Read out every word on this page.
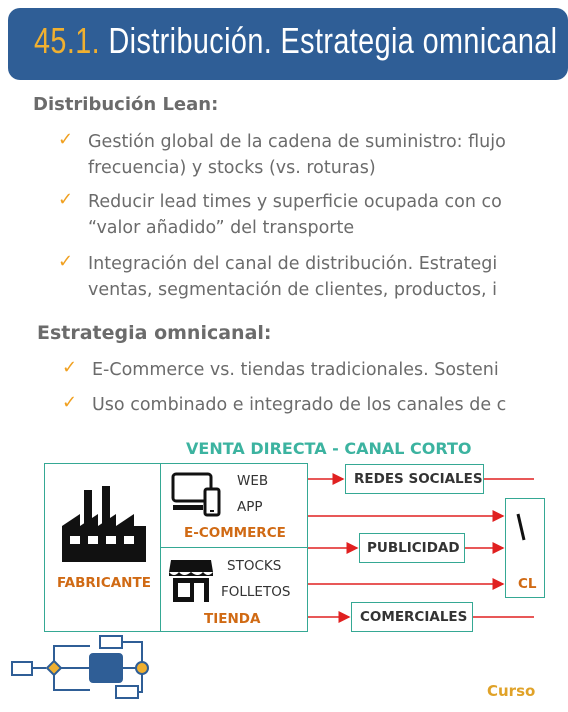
45.1. Distribución. Estrategia omnicanal
Distribución Lean:
✓ Gestión global de la cadena de suministro: flujo
frecuencia) y stocks (vs. roturas)
✓ Reducir lead times y superficie ocupada con co
“valor añadido” del transporte
✓ Integración del canal de distribución. Estrategi
ventas, segmentación de clientes, productos, i
Estrategia omnicanal:
✓ E-Commerce vs. tiendas tradicionales. Sosteni
✓ Uso combinado e integrado de los canales de c
VENTA DIRECTA - CANAL CORTO
FABRICANTE
WEB
APP
E-COMMERCE
STOCKS
FOLLETOS
TIENDA
REDES SOCIALES
PUBLICIDAD
COMERCIALES
CL
Curso
